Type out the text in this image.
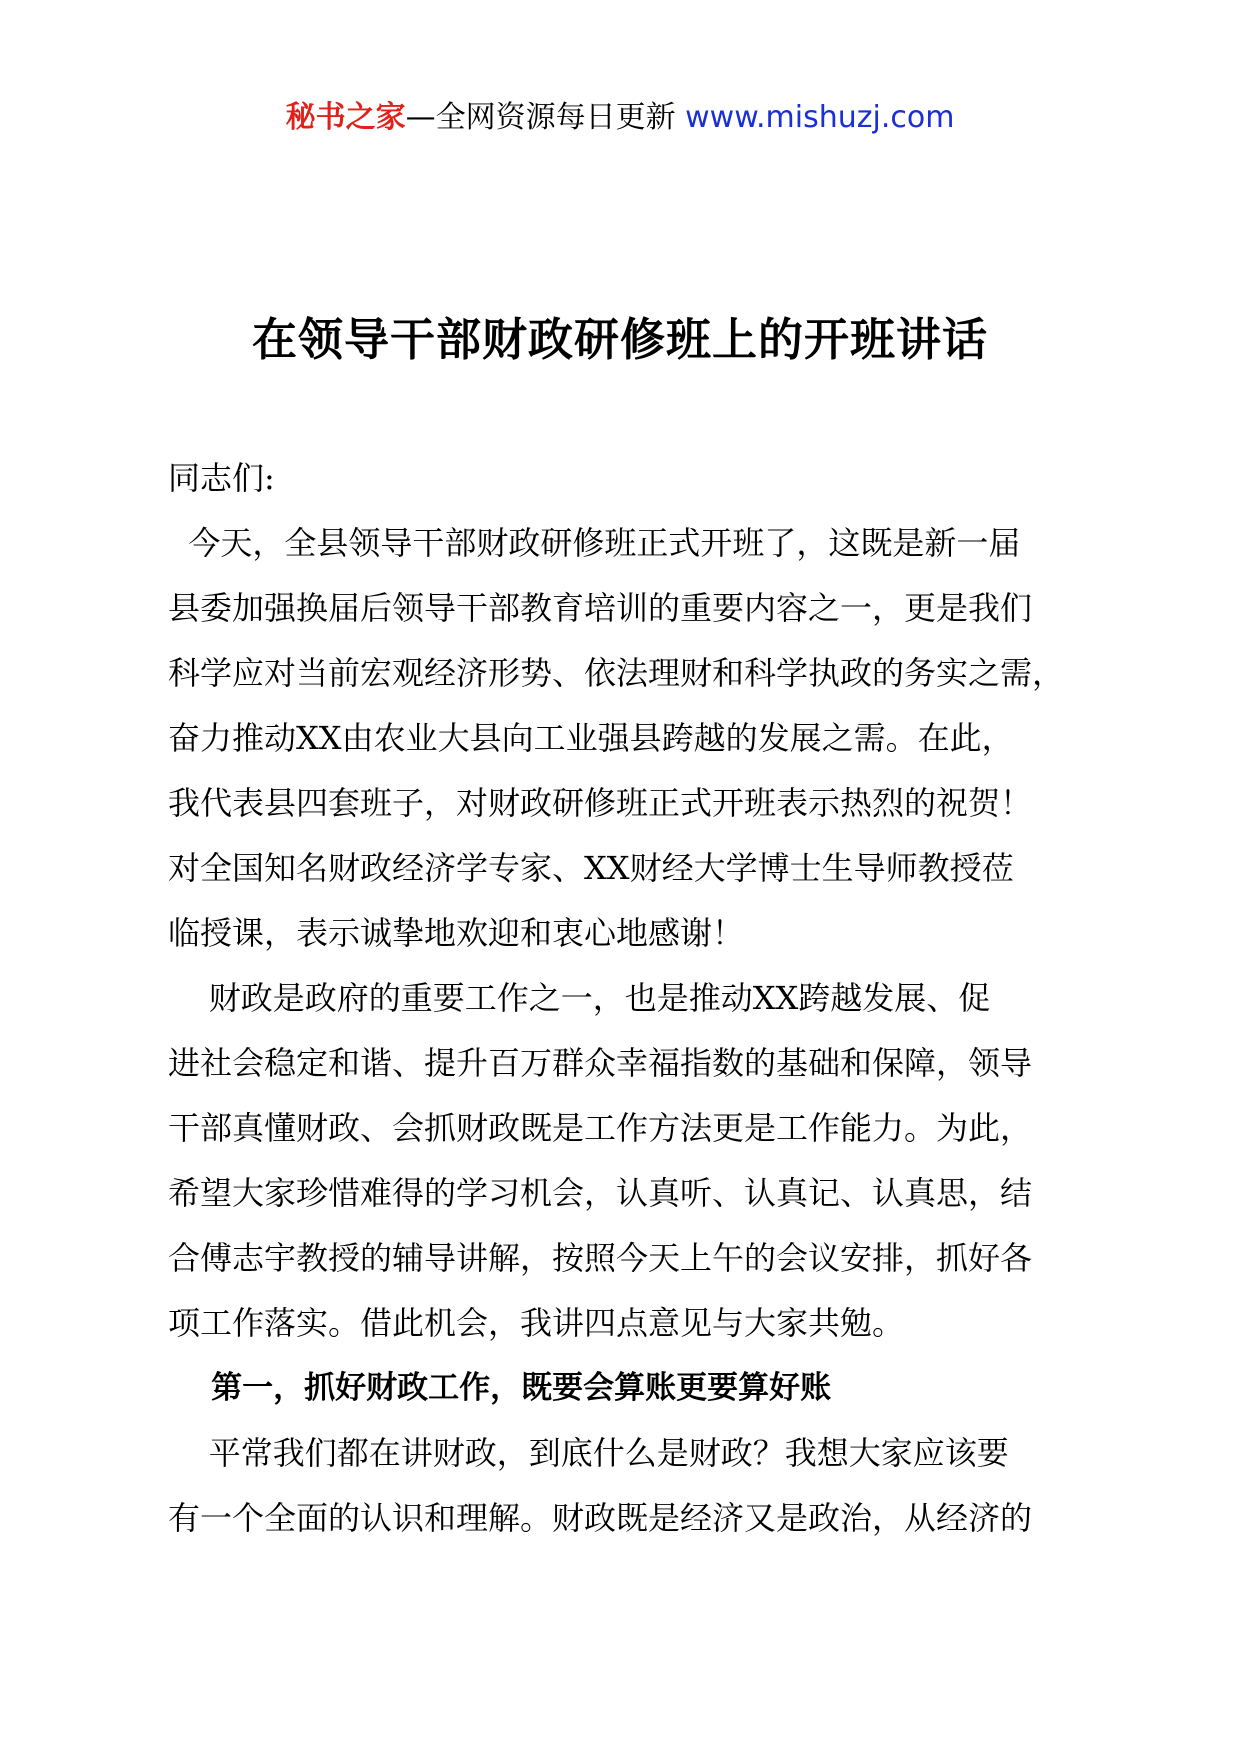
秘书之家—全网资源每日更新 www.mishuzj.com
在领导干部财政研修班上的开班讲话
同志们:
今天，全县领导干部财政研修班正式开班了，这既是新一届
县委加强换届后领导干部教育培训的重要内容之一，更是我们
科学应对当前宏观经济形势、依法理财和科学执政的务实之需，
奋力推动XX由农业大县向工业强县跨越的发展之需。在此，
我代表县四套班子，对财政研修班正式开班表示热烈的祝贺！
对全国知名财政经济学专家、XX财经大学博士生导师教授莅
临授课，表示诚挚地欢迎和衷心地感谢！
财政是政府的重要工作之一，也是推动XX跨越发展、促
进社会稳定和谐、提升百万群众幸福指数的基础和保障，领导
干部真懂财政、会抓财政既是工作方法更是工作能力。为此，
希望大家珍惜难得的学习机会，认真听、认真记、认真思，结
合傅志宇教授的辅导讲解，按照今天上午的会议安排，抓好各
项工作落实。借此机会，我讲四点意见与大家共勉。
第一，抓好财政工作，既要会算账更要算好账
平常我们都在讲财政，到底什么是财政？我想大家应该要
有一个全面的认识和理解。财政既是经济又是政治，从经济的
